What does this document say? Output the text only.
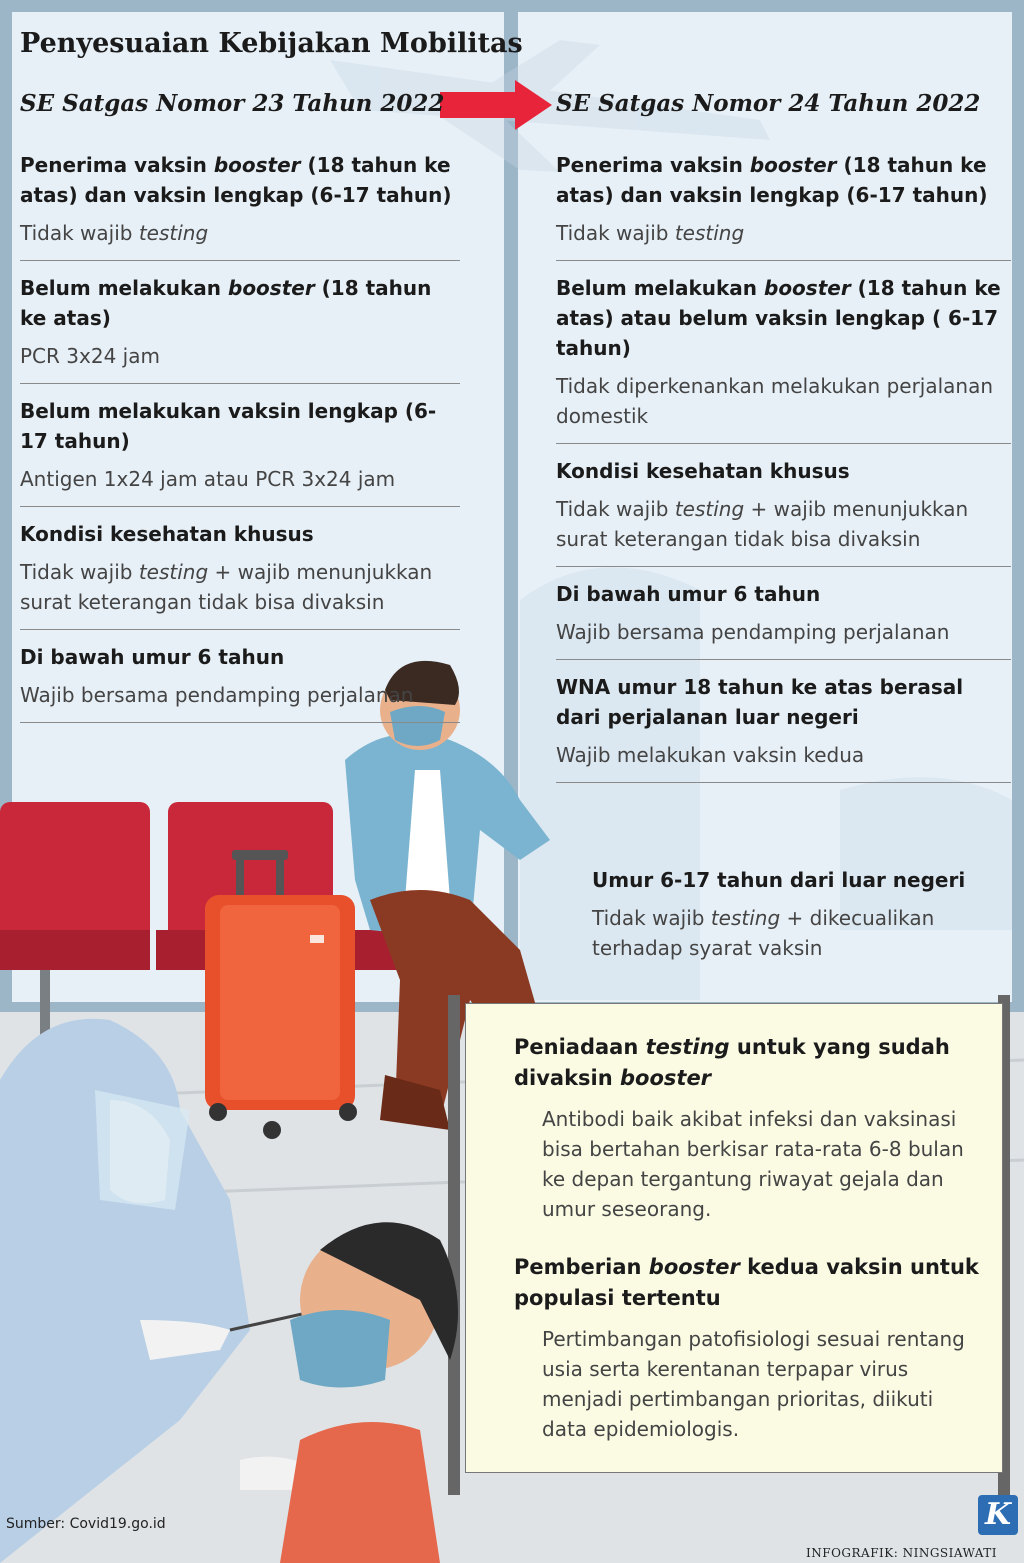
Penyesuaian Kebijakan Mobilitas
SE Satgas Nomor 23 Tahun 2022	SE Satgas Nomor 24 Tahun 2022
Penerima vaksin booster (18 tahun ke atas) dan vaksin lengkap (6-17 tahun)
Tidak wajib testing
Belum melakukan booster (18 tahun ke atas)
PCR 3x24 jam
Belum melakukan vaksin lengkap (6-17 tahun)
Antigen 1x24 jam atau PCR 3x24 jam
Kondisi kesehatan khusus
Tidak wajib testing + wajib menunjukkan surat keterangan tidak bisa divaksin
Di bawah umur 6 tahun
Wajib bersama pendamping perjalanan
Penerima vaksin booster (18 tahun ke atas) dan vaksin lengkap (6-17 tahun)
Tidak wajib testing
Belum melakukan booster (18 tahun ke atas) atau belum vaksin lengkap ( 6-17 tahun)
Tidak diperkenankan melakukan perjalanan domestik
Kondisi kesehatan khusus
Tidak wajib testing + wajib menunjukkan surat keterangan tidak bisa divaksin
Di bawah umur 6 tahun
Wajib bersama pendamping perjalanan
WNA umur 18 tahun ke atas berasal dari perjalanan luar negeri
Wajib melakukan vaksin kedua
Umur 6-17 tahun dari luar negeri
Tidak wajib testing + dikecualikan terhadap syarat vaksin
Peniadaan testing untuk yang sudah divaksin booster
Antibodi baik akibat infeksi dan vaksinasi bisa bertahan berkisar rata-rata 6-8 bulan ke depan tergantung riwayat gejala dan umur seseorang.
Pemberian booster kedua vaksin untuk populasi tertentu
Pertimbangan patofisiologi sesuai rentang usia serta kerentanan terpapar virus menjadi pertimbangan prioritas, diikuti data epidemiologis.
Sumber: Covid19.go.id	K
INFOGRAFIK: NINGSIAWATI
